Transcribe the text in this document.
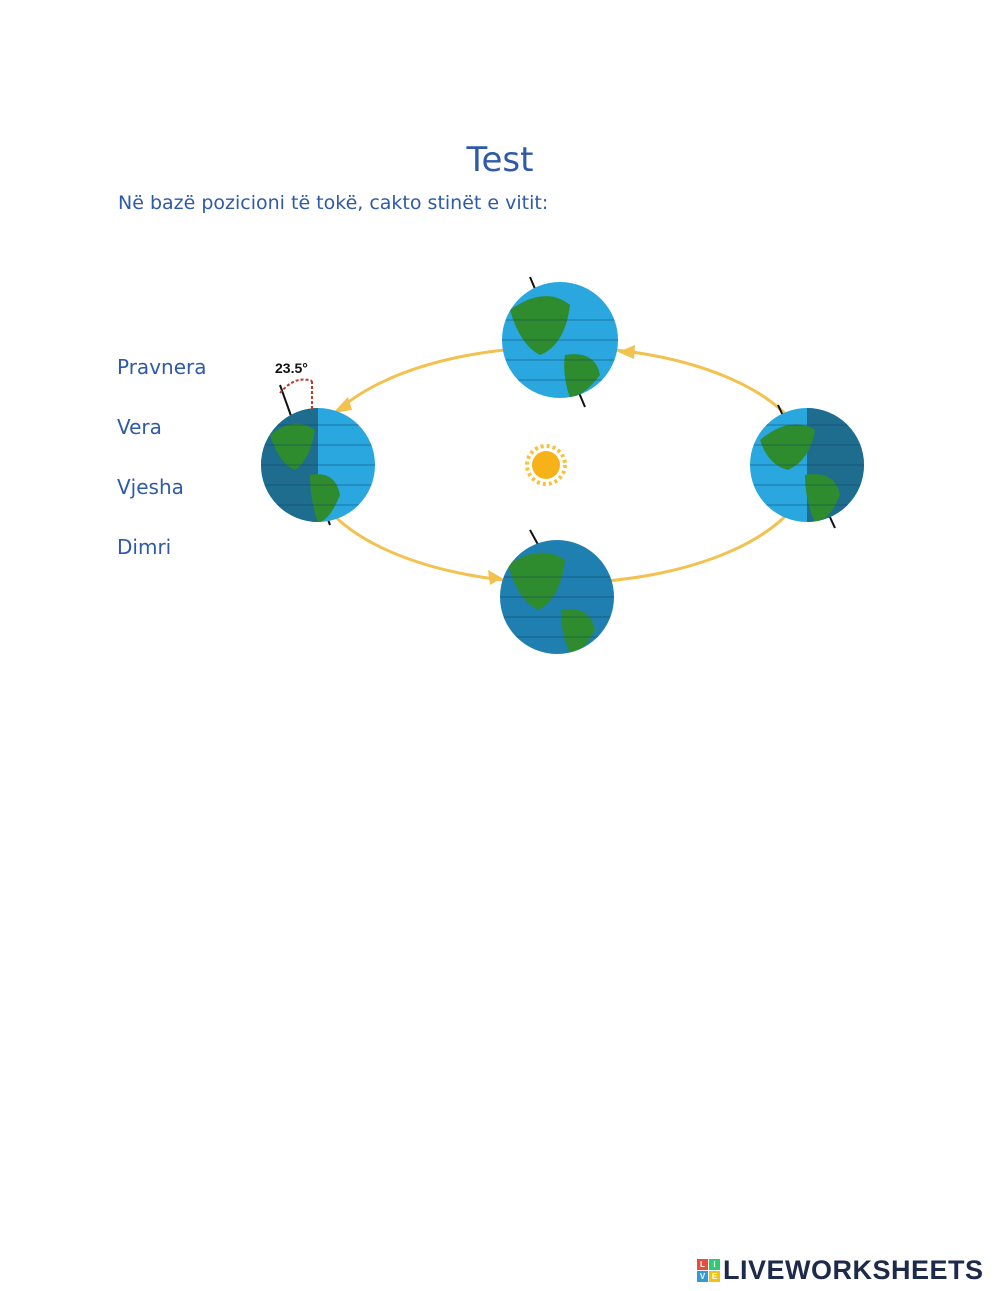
Test
Në bazë pozicioni të tokë, cakto stinët e vitit:
Pravnera
Vera
Vjesha
Dimri
23.5°
L	I
V E LIVEWORKSHEETS
